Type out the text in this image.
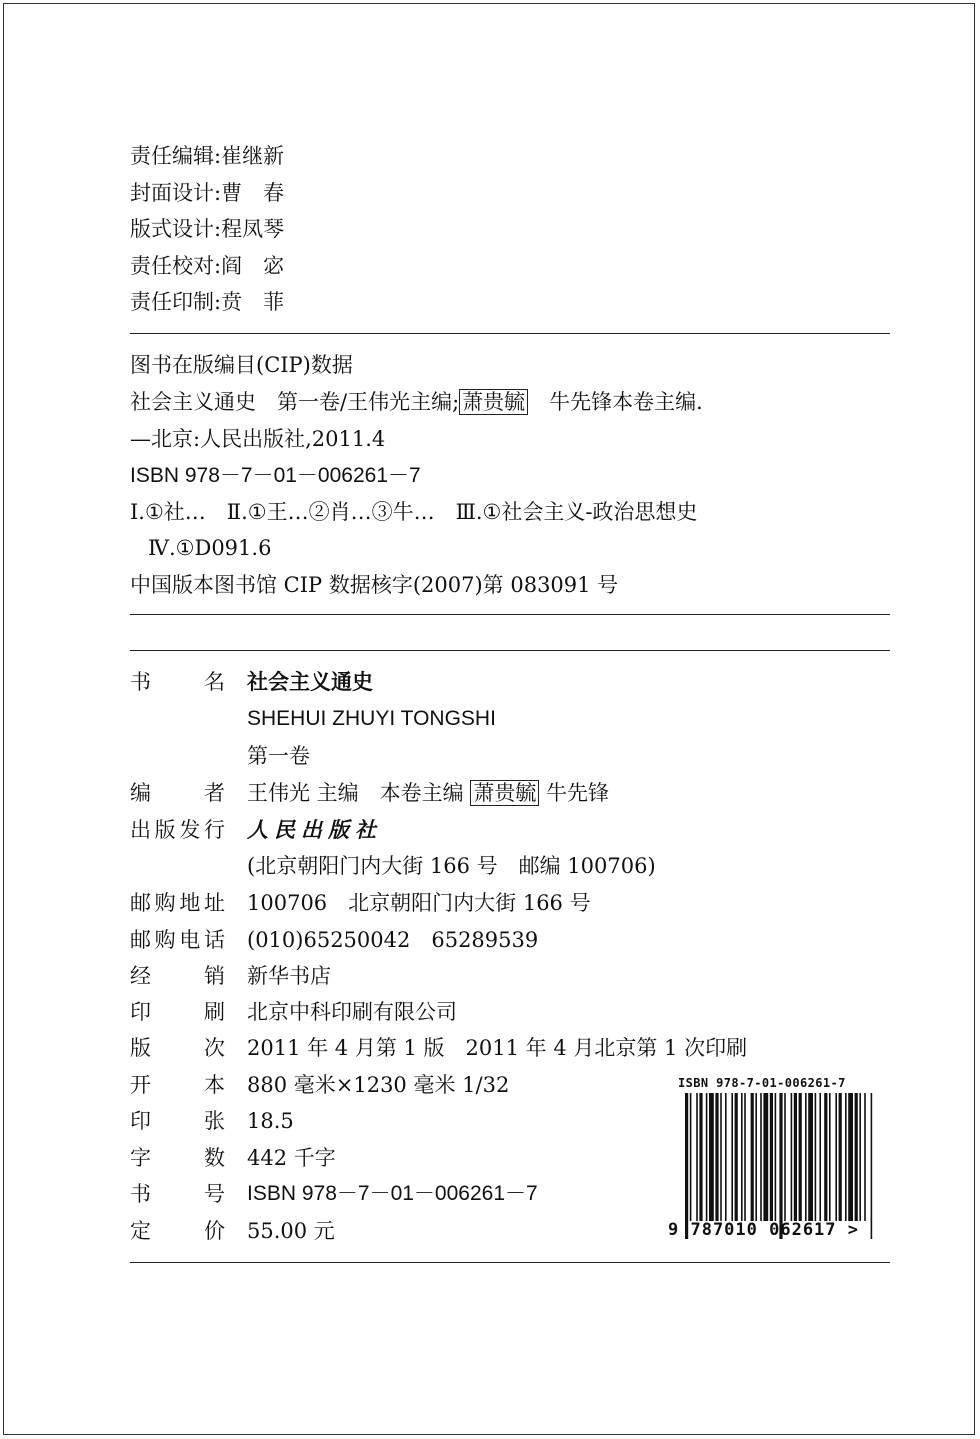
责任编辑:崔继新
封面设计:曹　春
版式设计:程凤琴
责任校对:阎　宓
责任印制:贲　菲
图书在版编目(CIP)数据
社会主义通史　第一卷/王伟光主编; 萧贵毓　牛先锋本卷主编．
—北京:人民出版社,2011.4
ISBN 978－7－01－006261－7
Ⅰ.①社…　Ⅱ.①王…②肖…③牛…　Ⅲ.①社会主义-政治思想史
Ⅳ.①D091.6
中国版本图书馆 CIP 数据核字(2007)第 083091 号
书名 社会主义通史
SHEHUI ZHUYI TONGSHI
第一卷
编者 王伟光 主编　本卷主编 萧贵毓 牛先锋
出版发行 人民出版社
(北京朝阳门内大街 166 号　邮编 100706)
邮购地址 100706　北京朝阳门内大街 166 号
邮购电话 (010)65250042　65289539
经销 新华书店
印刷 北京中科印刷有限公司
版次 2011 年 4 月第 1 版　2011 年 4 月北京第 1 次印刷
开本 880 毫米×1230 毫米 1/32
印张 18.5
字数 442 千字
书号 ISBN 978－7－01－006261－7
定价 55.00 元
ISBN 978-7-01-006261-7
9 787010 062617 >
